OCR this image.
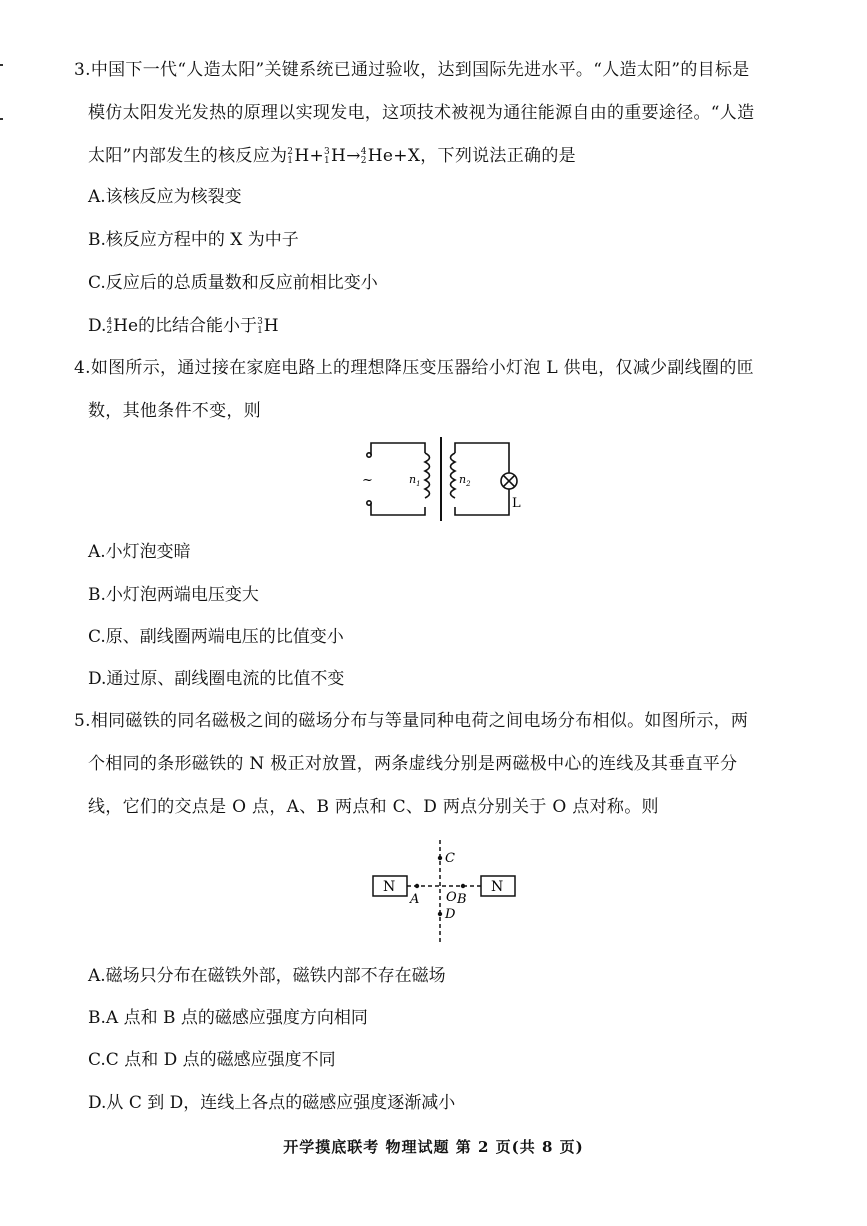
3.中国下一代“人造太阳”关键系统已通过验收，达到国际先进水平。“人造太阳”的目标是
模仿太阳发光发热的原理以实现发电，这项技术被视为通往能源自由的重要途径。“人造
太阳”内部发生的核反应为 2
1 H+ 3
1 H→ 4
2 He+X，下列说法正确的是
A.该核反应为核裂变
B.核反应方程中的 X 为中子
C.反应后的总质量数和反应前相比变小
D. 4
2 He的比结合能小于 3
1 H
4.如图所示，通过接在家庭电路上的理想降压变压器给小灯泡 L 供电，仅减少副线圈的匝
数，其他条件不变，则
~	$n_1$	$n_2$
L
A.小灯泡变暗
B.小灯泡两端电压变大
C.原、副线圈两端电压的比值变小
D.通过原、副线圈电流的比值不变
5.相同磁铁的同名磁极之间的磁场分布与等量同种电荷之间电场分布相似。如图所示，两
个相同的条形磁铁的 N 极正对放置，两条虚线分别是两磁极中心的连线及其垂直平分
线，它们的交点是 O 点，A、B 两点和 C、D 两点分别关于 O 点对称。则
N	N
C
D
A	B
O
A.磁场只分布在磁铁外部，磁铁内部不存在磁场
B.A 点和 B 点的磁感应强度方向相同
C.C 点和 D 点的磁感应强度不同
D.从 C 到 D，连线上各点的磁感应强度逐渐减小
开学摸底联考 物理试题 第 2 页(共 8 页)
